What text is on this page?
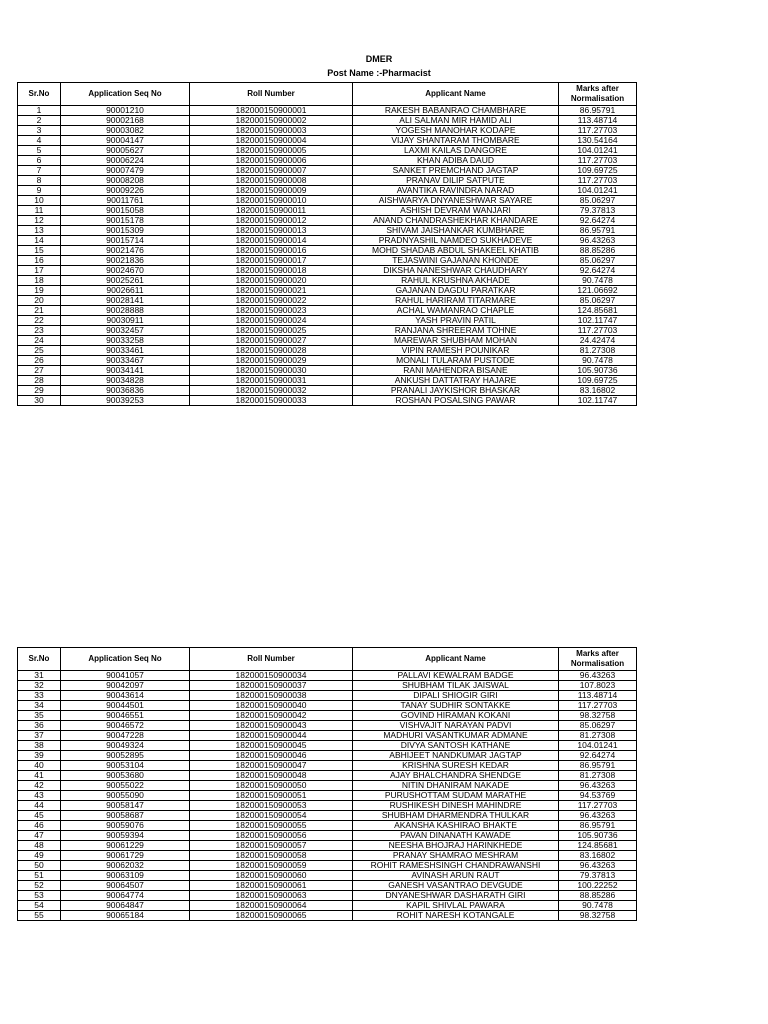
DMER
Post Name :-Pharmacist
Sr.No	Application Seq No	Roll Number	Applicant Name	Marks after Normalisation
1	90001210	182000150900001	RAKESH BABANRAO CHAMBHARE	86.95791
2	90002168	182000150900002	ALI SALMAN MIR HAMID ALI	113.48714
3	90003082	182000150900003	YOGESH MANOHAR KODAPE	117.27703
4	90004147	182000150900004	VIJAY SHANTARAM THOMBARE	130.54164
5	90005627	182000150900005	LAXMI KAILAS DANGORE	104.01241
6	90006224	182000150900006	KHAN ADIBA DAUD	117.27703
7	90007479	182000150900007	SANKET PREMCHAND JAGTAP	109.69725
8	90008208	182000150900008	PRANAV DILIP SATPUTE	117.27703
9	90009226	182000150900009	AVANTIKA RAVINDRA NARAD	104.01241
10	90011761	182000150900010	AISHWARYA DNYANESHWAR SAYARE	85.06297
11	90015058	182000150900011	ASHISH DEVRAM WANJARI	79.37813
12	90015178	182000150900012	ANAND CHANDRASHEKHAR KHANDARE	92.64274
13	90015309	182000150900013	SHIVAM JAISHANKAR KUMBHARE	86.95791
14	90015714	182000150900014	PRADNYASHIL NAMDEO SUKHADEVE	96.43263
15	90021476	182000150900016	MOHD SHADAB ABDUL SHAKEEL KHATIB	88.85286
16	90021836	182000150900017	TEJASWINI GAJANAN KHONDE	85.06297
17	90024670	182000150900018	DIKSHA NANESHWAR CHAUDHARY	92.64274
18	90025261	182000150900020	RAHUL KRUSHNA AKHADE	90.7478
19	90026611	182000150900021	GAJANAN DAGDU PARATKAR	121.06692
20	90028141	182000150900022	RAHUL HARIRAM TITARMARE	85.06297
21	90028888	182000150900023	ACHAL WAMANRAO CHAPLE	124.85681
22	90030911	182000150900024	YASH PRAVIN PATIL	102.11747
23	90032457	182000150900025	RANJANA SHREERAM TOHNE	117.27703
24	90033258	182000150900027	MAREWAR SHUBHAM MOHAN	24.42474
25	90033461	182000150900028	VIPIN RAMESH POUNIKAR	81.27308
26	90033467	182000150900029	MONALI TULARAM PUSTODE	90.7478
27	90034141	182000150900030	RANI MAHENDRA BISANE	105.90736
28	90034828	182000150900031	ANKUSH DATTATRAY HAJARE	109.69725
29	90036836	182000150900032	PRANALI JAYKISHOR BHASKAR	83.16802
30	90039253	182000150900033	ROSHAN POSALSING PAWAR	102.11747
Sr.No	Application Seq No	Roll Number	Applicant Name	Marks after Normalisation
31	90041057	182000150900034	PALLAVI KEWALRAM BADGE	96.43263
32	90042097	182000150900037	SHUBHAM TILAK JAISWAL	107.8023
33	90043614	182000150900038	DIPALI SHIOGIR GIRI	113.48714
34	90044501	182000150900040	TANAY SUDHIR SONTAKKE	117.27703
35	90046551	182000150900042	GOVIND HIRAMAN KOKANI	98.32758
36	90046572	182000150900043	VISHVAJIT NARAYAN PADVI	85.06297
37	90047228	182000150900044	MADHURI VASANTKUMAR ADMANE	81.27308
38	90049324	182000150900045	DIVYA SANTOSH KATHANE	104.01241
39	90052895	182000150900046	ABHIJEET NANDKUMAR JAGTAP	92.64274
40	90053104	182000150900047	KRISHNA SURESH KEDAR	86.95791
41	90053680	182000150900048	AJAY BHALCHANDRA SHENDGE	81.27308
42	90055022	182000150900050	NITIN DHANIRAM NAKADE	96.43263
43	90055090	182000150900051	PURUSHOTTAM SUDAM MARATHE	94.53769
44	90058147	182000150900053	RUSHIKESH DINESH MAHINDRE	117.27703
45	90058687	182000150900054	SHUBHAM DHARMENDRA THULKAR	96.43263
46	90059076	182000150900055	AKANSHA KASHIRAO BHAKTE	86.95791
47	90059394	182000150900056	PAVAN DINANATH KAWADE	105.90736
48	90061229	182000150900057	NEESHA BHOJRAJ HARINKHEDE	124.85681
49	90061729	182000150900058	PRANAY SHAMRAO MESHRAM	83.16802
50	90062032	182000150900059	ROHIT RAMESHSINGH CHANDRAWANSHI	96.43263
51	90063109	182000150900060	AVINASH ARUN RAUT	79.37813
52	90064507	182000150900061	GANESH VASANTRAO DEVGUDE	100.22252
53	90064774	182000150900063	DNYANESHWAR DASHARATH GIRI	88.85286
54	90064847	182000150900064	KAPIL SHIVLAL PAWARA	90.7478
55	90065184	182000150900065	ROHIT NARESH KOTANGALE	98.32758
